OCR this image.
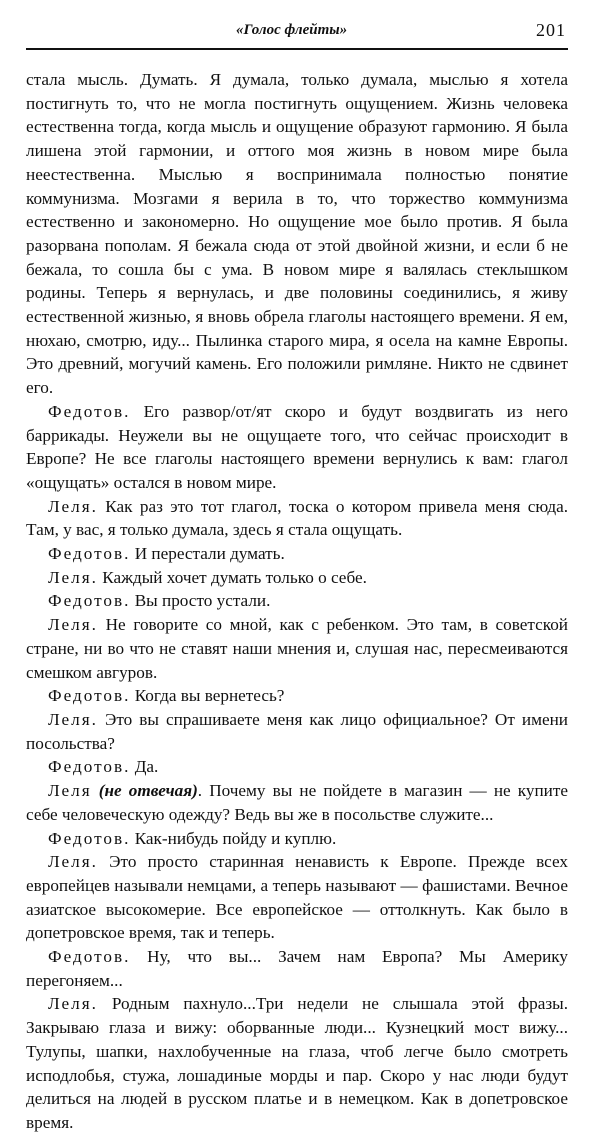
«Голос флейты»	201

стала мысль. Думать. Я думала, только думала, мыслью я хотела постигнуть то, что не могла постигнуть ощущением. Жизнь человека естественна тогда, когда мысль и ощущение образуют гармонию. Я была лишена этой гармонии, и оттого моя жизнь в новом мире была неестественна. Мыслью я воспринимала полностью понятие коммунизма. Мозгами я верила в то, что торжество коммунизма естественно и закономерно. Но ощущение мое было против. Я была разорвана пополам. Я бежала сюда от этой двойной жизни, и если б не бежала, то сошла бы с ума. В новом мире я валялась стеклышком родины. Теперь я вернулась, и две половины соединились, я живу естественной жизнью, я вновь обрела глаголы настоящего времени. Я ем, нюхаю, смотрю, иду... Пылинка старого мира, я осела на камне Европы. Это древний, могучий камень. Его положили римляне. Никто не сдвинет его.

Федотов. Его развор/от/ят скоро и будут воздвигать из него баррикады. Неужели вы не ощущаете того, что сейчас происходит в Европе? Не все глаголы настоящего времени вернулись к вам: глагол «ощущать» остался в новом мире.

Леля. Как раз это тот глагол, тоска о котором привела меня сюда. Там, у вас, я только думала, здесь я стала ощущать.

Федотов. И перестали думать.

Леля. Каждый хочет думать только о себе.

Федотов. Вы просто устали.

Леля. Не говорите со мной, как с ребенком. Это там, в советской стране, ни во что не ставят наши мнения и, слушая нас, пересмеиваются смешком авгуров.

Федотов. Когда вы вернетесь?

Леля. Это вы спрашиваете меня как лицо официальное? От имени посольства?

Федотов. Да.

Леля (не отвечая). Почему вы не пойдете в магазин — не купите себе человеческую одежду? Ведь вы же в посольстве служите...

Федотов. Как-нибудь пойду и куплю.

Леля. Это просто старинная ненависть к Европе. Прежде всех европейцев называли немцами, а теперь называют — фашистами. Вечное азиатское высокомерие. Все европейское — оттолкнуть. Как было в допетровское время, так и теперь.

Федотов. Ну, что вы... Зачем нам Европа? Мы Америку перегоняем...

Леля. Родным пахнуло...Три недели не слышала этой фразы. Закрываю глаза и вижу: оборванные люди... Кузнецкий мост вижу... Тулупы, шапки, нахлобученные на глаза, чтоб легче было смотреть исподлобья, стужа, лошадиные морды и пар. Скоро у нас люди будут делиться на людей в русском платье и в немецком. Как в допетровское время.
